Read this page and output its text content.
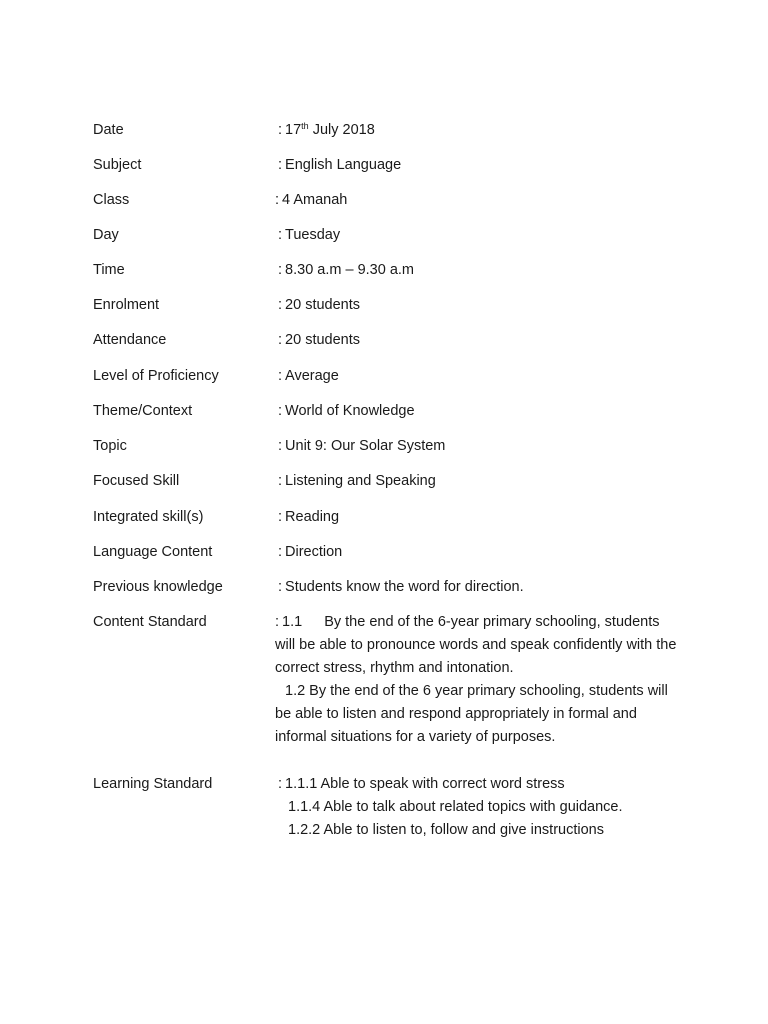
Date	: 17th July 2018
Subject	: English Language
Class	: 4 Amanah
Day	: Tuesday
Time	: 8.30 a.m – 9.30 a.m
Enrolment	: 20 students
Attendance	: 20 students
Level of Proficiency	: Average
Theme/Context	: World of Knowledge
Topic	: Unit 9: Our Solar System
Focused Skill	: Listening and Speaking
Integrated skill(s)	: Reading
Language Content	: Direction
Previous knowledge	: Students know the word for direction.
Content Standard	: 1.1 By the end of the 6-year primary schooling, students
will be able to pronounce words and speak confidently with the
correct stress, rhythm and intonation.
1.2 By the end of the 6 year primary schooling, students will
be able to listen and respond appropriately in formal and
informal situations for a variety of purposes.
Learning Standard	: 1.1.1 Able to speak with correct word stress
1.1.4 Able to talk about related topics with guidance.
1.2.2 Able to listen to, follow and give instructions
